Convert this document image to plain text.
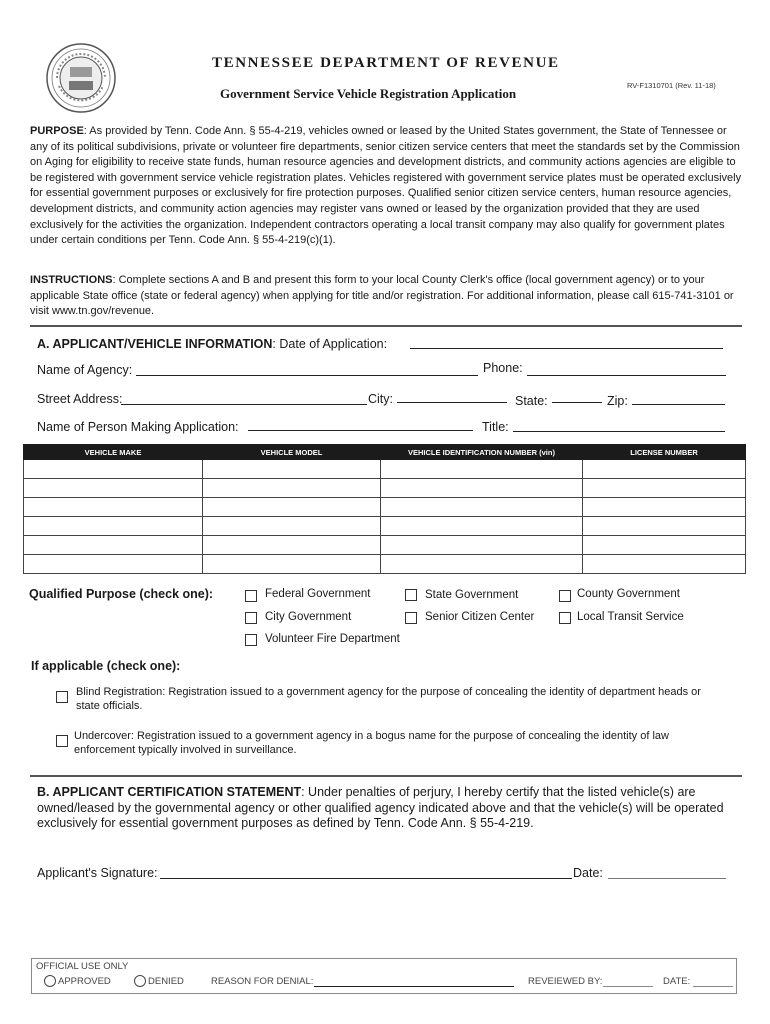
TENNESSEE DEPARTMENT OF REVENUE
Government Service Vehicle Registration Application
RV-F1310701 (Rev. 11-18)
PURPOSE: As provided by Tenn. Code Ann. § 55-4-219, vehicles owned or leased by the United States government, the State of Tennessee or any of its political subdivisions, private or volunteer fire departments, senior citizen service centers that meet the standards set by the Commission on Aging for eligibility to receive state funds, human resource agencies and development districts, and community actions agencies are eligible to be registered with government service vehicle registration plates. Vehicles registered with government service plates must be operated exclusively for essential government purposes or exclusively for fire protection purposes. Qualified senior citizen service centers, human resource agencies, development districts, and community action agencies may register vans owned or leased by the organization provided that they are used exclusively for the activities the organization. Independent contractors operating a local transit company may also qualify for government plates under certain conditions per Tenn. Code Ann. § 55-4-219(c)(1).
INSTRUCTIONS: Complete sections A and B and present this form to your local County Clerk's office (local government agency) or to your applicable State office (state or federal agency) when applying for title and/or registration. For additional information, please call 615-741-3101 or visit www.tn.gov/revenue.
A. APPLICANT/VEHICLE INFORMATION: Date of Application:
Name of Agency:	Phone:
Street Address:	City:	State:	Zip:
Name of Person Making Application:	Title:
VEHICLE MAKE	VEHICLE MODEL	VEHICLE IDENTIFICATION NUMBER (vin)	LICENSE NUMBER

Qualified Purpose (check one):	Federal Government	State Government	County Government
City Government	Senior Citizen Center	Local Transit Service
Volunteer Fire Department
If applicable (check one):
Blind Registration: Registration issued to a government agency for the purpose of concealing the identity of department heads or state officials.
Undercover: Registration issued to a government agency in a bogus name for the purpose of concealing the identity of law enforcement typically involved in surveillance.
B. APPLICANT CERTIFICATION STATEMENT: Under penalties of perjury, I hereby certify that the listed vehicle(s) are owned/leased by the governmental agency or other qualified agency indicated above and that the vehicle(s) will be operated exclusively for essential government purposes as defined by Tenn. Code Ann. § 55-4-219.
Applicant's Signature:	Date:
OFFICIAL USE ONLY
APPROVED	DENIED	REASON FOR DENIAL:	REVEIEWED BY:	DATE:
